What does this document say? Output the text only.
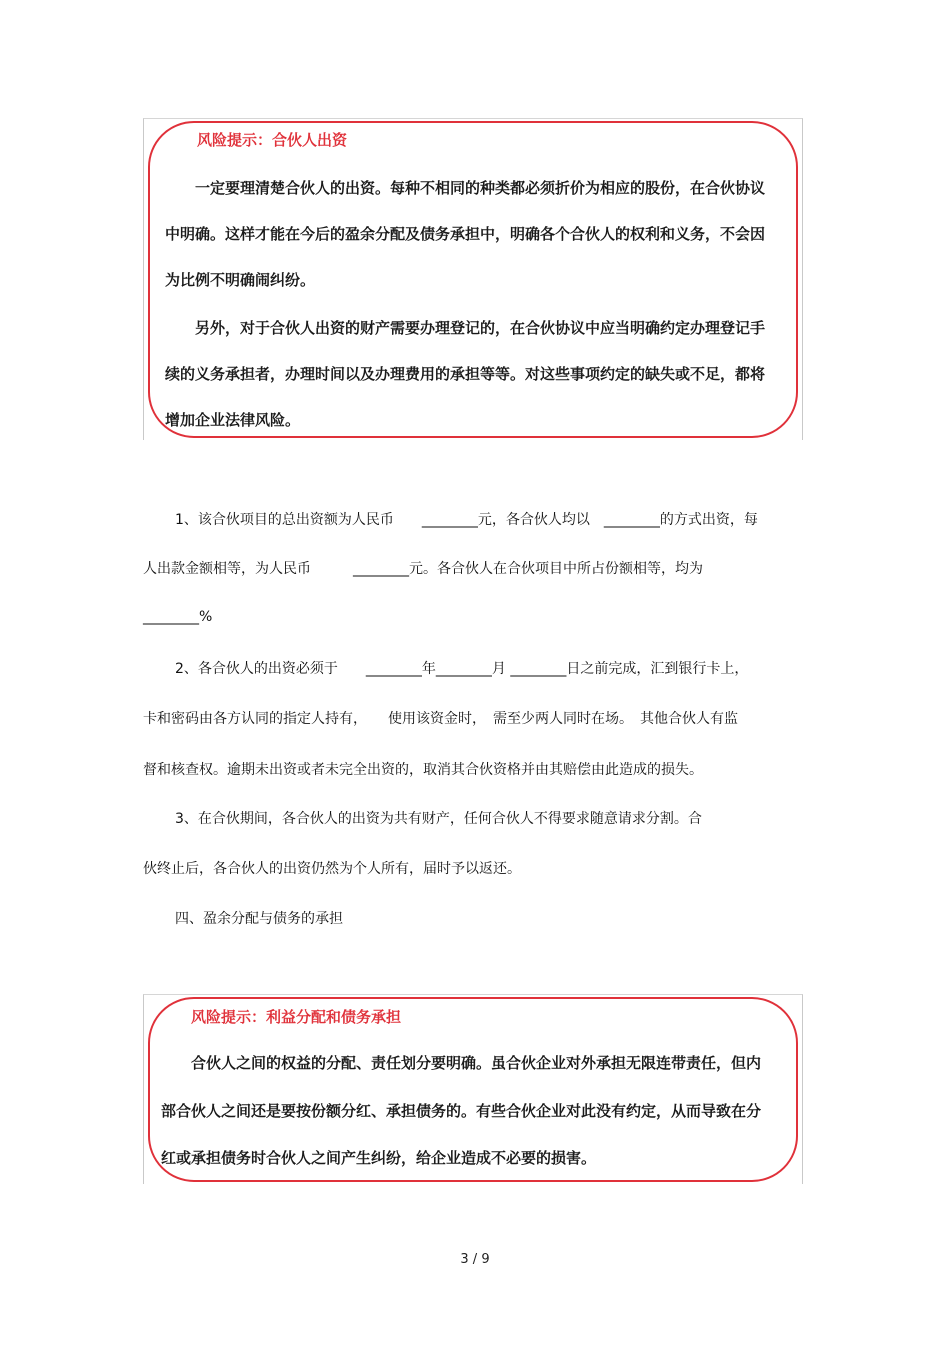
风险提示：合伙人出资
一定要理清楚合伙人的出资。每种不相同的种类都必须折价为相应的股份，在合伙协议
中明确。这样才能在今后的盈余分配及债务承担中，明确各个合伙人的权利和义务，不会因
为比例不明确闹纠纷。
另外，对于合伙人出资的财产需要办理登记的，在合伙协议中应当明确约定办理登记手
续的义务承担者，办理时间以及办理费用的承担等等。对这些事项约定的缺失或不足，都将
增加企业法律风险。
1、该合伙项目的总出资额为人民币　　________元，各合伙人均以　________的方式出资，每
人出款金额相等，为人民币　　　________元。各合伙人在合伙项目中所占份额相等，均为
________%
2、各合伙人的出资必须于　　________年________月 ________日之前完成，汇到银行卡上，
卡和密码由各方认同的指定人持有，　　使用该资金时，　需至少两人同时在场。　其他合伙人有监
督和核查权。逾期未出资或者未完全出资的，取消其合伙资格并由其赔偿由此造成的损失。
3、在合伙期间，各合伙人的出资为共有财产，任何合伙人不得要求随意请求分割。合
伙终止后，各合伙人的出资仍然为个人所有，届时予以返还。
四、盈余分配与债务的承担
风险提示：利益分配和债务承担
合伙人之间的权益的分配、责任划分要明确。虽合伙企业对外承担无限连带责任，但内
部合伙人之间还是要按份额分红、承担债务的。有些合伙企业对此没有约定，从而导致在分
红或承担债务时合伙人之间产生纠纷，给企业造成不必要的损害。
3 / 9
